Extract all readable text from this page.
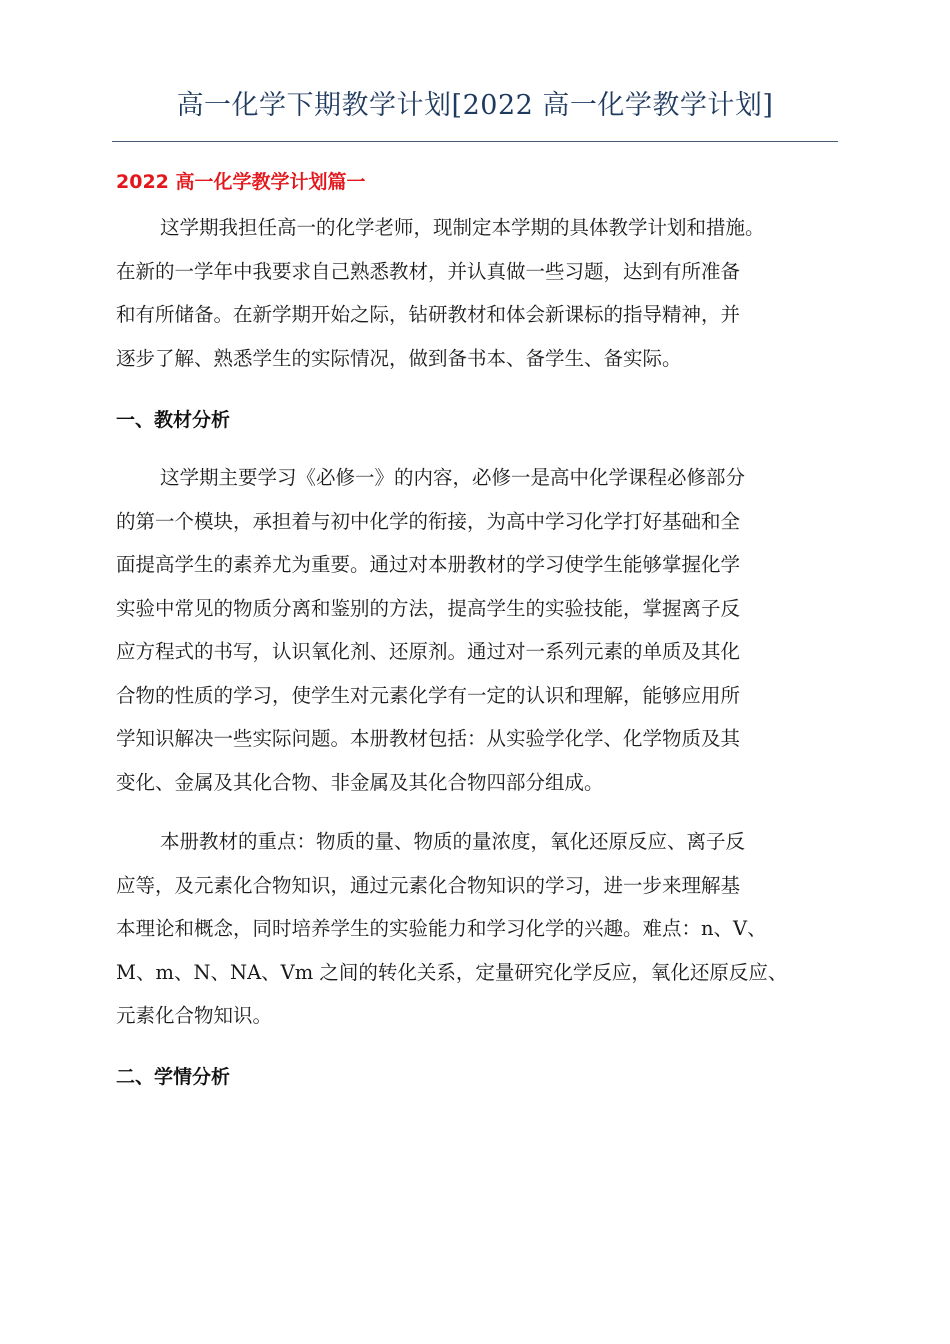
高一化学下期教学计划[2022 高一化学教学计划]
2022 高一化学教学计划篇一
这学期我担任高一的化学老师，现制定本学期的具体教学计划和措施。
在新的一学年中我要求自己熟悉教材，并认真做一些习题，达到有所准备
和有所储备。在新学期开始之际，钻研教材和体会新课标的指导精神，并
逐步了解、熟悉学生的实际情况，做到备书本、备学生、备实际。
一、教材分析
这学期主要学习《必修一》的内容，必修一是高中化学课程必修部分
的第一个模块，承担着与初中化学的衔接，为高中学习化学打好基础和全
面提高学生的素养尤为重要。通过对本册教材的学习使学生能够掌握化学
实验中常见的物质分离和鉴别的方法，提高学生的实验技能，掌握离子反
应方程式的书写，认识氧化剂、还原剂。通过对一系列元素的单质及其化
合物的性质的学习，使学生对元素化学有一定的认识和理解，能够应用所
学知识解决一些实际问题。本册教材包括：从实验学化学、化学物质及其
变化、金属及其化合物、非金属及其化合物四部分组成。
本册教材的重点：物质的量、物质的量浓度，氧化还原反应、离子反
应等，及元素化合物知识，通过元素化合物知识的学习，进一步来理解基
本理论和概念，同时培养学生的实验能力和学习化学的兴趣。难点：n、V、
M、m、N、NA、Vm 之间的转化关系，定量研究化学反应，氧化还原反应、
元素化合物知识。
二、学情分析
